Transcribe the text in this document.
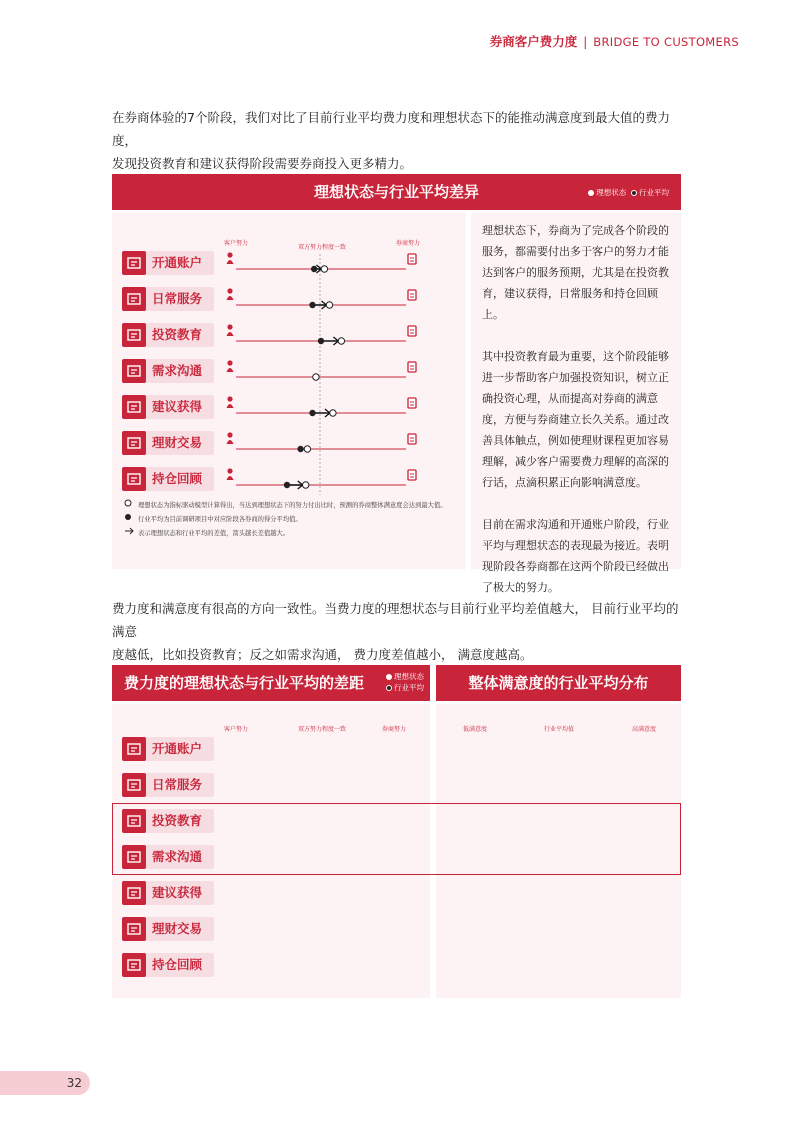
券商客户费力度 | BRIDGE TO CUSTOMERS
在券商体验的7个阶段，我们对比了目前行业平均费力度和理想状态下的能推动满意度到最大值的费力度，
发现投资教育和建议获得阶段需要券商投入更多精力。
理想状态与行业平均差异	理想状态 行业平均
客户努力
双方努力程度一致
券商努力
开通账户
日常服务
投资教育
需求沟通
建议获得
理财交易
持仓回顾
理想状态为指标驱动模型计算得出，当达到理想状态下的努力付出比时，预测的券商整体满意度会达到最大值。
行业平均为目前调研项目中对应阶段各券商的得分平均值。
表示理想状态和行业平均的差值，箭头越长差值越大。

理想状态下，券商为了完成各个阶段的服务，都需要付出多于客户的努力才能达到客户的服务预期，尤其是在投资教育，建议获得，日常服务和持仓回顾上。

其中投资教育最为重要，这个阶段能够进一步帮助客户加强投资知识，树立正确投资心理，从而提高对券商的满意度，方便与券商建立长久关系。通过改善具体触点，例如使理财课程更加容易理解，减少客户需要费力理解的高深的行话，点滴积累正向影响满意度。

目前在需求沟通和开通账户阶段，行业平均与理想状态的表现最为接近。表明现阶段各券商都在这两个阶段已经做出了极大的努力。

费力度和满意度有很高的方向一致性。当费力度的理想状态与目前行业平均差值越大， 目前行业平均的满意
度越低，比如投资教育；反之如需求沟通， 费力度差值越小， 满意度越高。
费力度的理想状态与行业平均的差距	理想状态
行业平均	整体满意度的行业平均分布
客户努力	双方努力程度一致	券商努力	低满意度	行业平均值	高满意度
开通账户
日常服务
投资教育
需求沟通
建议获得
理财交易
持仓回顾
32
